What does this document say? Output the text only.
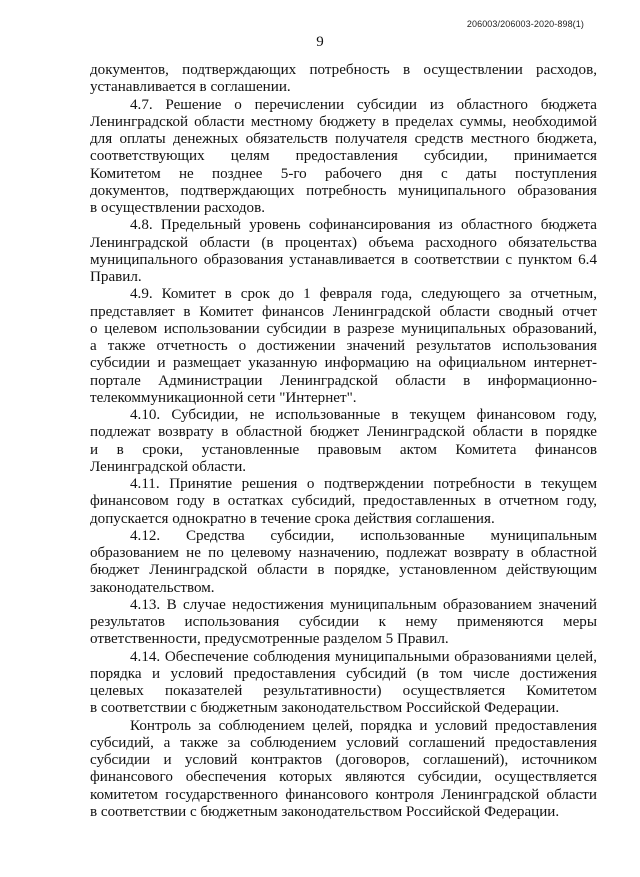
206003/206003-2020-898(1)
9

документов, подтверждающих потребность в осуществлении расходов,

устанавливается в соглашении.

4.7. Решение о перечислении субсидии из областного бюджета

Ленинградской области местному бюджету в пределах суммы, необходимой

для оплаты денежных обязательств получателя средств местного бюджета,

соответствующих целям предоставления субсидии, принимается

Комитетом не позднее 5-го рабочего дня с даты поступления

документов, подтверждающих потребность муниципального образования

в осуществлении расходов.

4.8. Предельный уровень софинансирования из областного бюджета

Ленинградской области (в процентах) объема расходного обязательства

муниципального образования устанавливается в соответствии с пунктом 6.4

Правил.

4.9. Комитет в срок до 1 февраля года, следующего за отчетным,

представляет в Комитет финансов Ленинградской области сводный отчет

о целевом использовании субсидии в разрезе муниципальных образований,

а также отчетность о достижении значений результатов использования

субсидии и размещает указанную информацию на официальном интернет-

портале Администрации Ленинградской области в информационно-

телекоммуникационной сети "Интернет".

4.10. Субсидии, не использованные в текущем финансовом году,

подлежат возврату в областной бюджет Ленинградской области в порядке

и в сроки, установленные правовым актом Комитета финансов

Ленинградской области.

4.11. Принятие решения о подтверждении потребности в текущем

финансовом году в остатках субсидий, предоставленных в отчетном году,

допускается однократно в течение срока действия соглашения.

4.12. Средства субсидии, использованные муниципальным

образованием не по целевому назначению, подлежат возврату в областной

бюджет Ленинградской области в порядке, установленном действующим

законодательством.

4.13. В случае недостижения муниципальным образованием значений

результатов использования субсидии к нему применяются меры

ответственности, предусмотренные разделом 5 Правил.

4.14. Обеспечение соблюдения муниципальными образованиями целей,

порядка и условий предоставления субсидий (в том числе достижения

целевых показателей результативности) осуществляется Комитетом

в соответствии с бюджетным законодательством Российской Федерации.

Контроль за соблюдением целей, порядка и условий предоставления

субсидий, а также за соблюдением условий соглашений предоставления

субсидии и условий контрактов (договоров, соглашений), источником

финансового обеспечения которых являются субсидии, осуществляется

комитетом государственного финансового контроля Ленинградской области

в соответствии с бюджетным законодательством Российской Федерации.
